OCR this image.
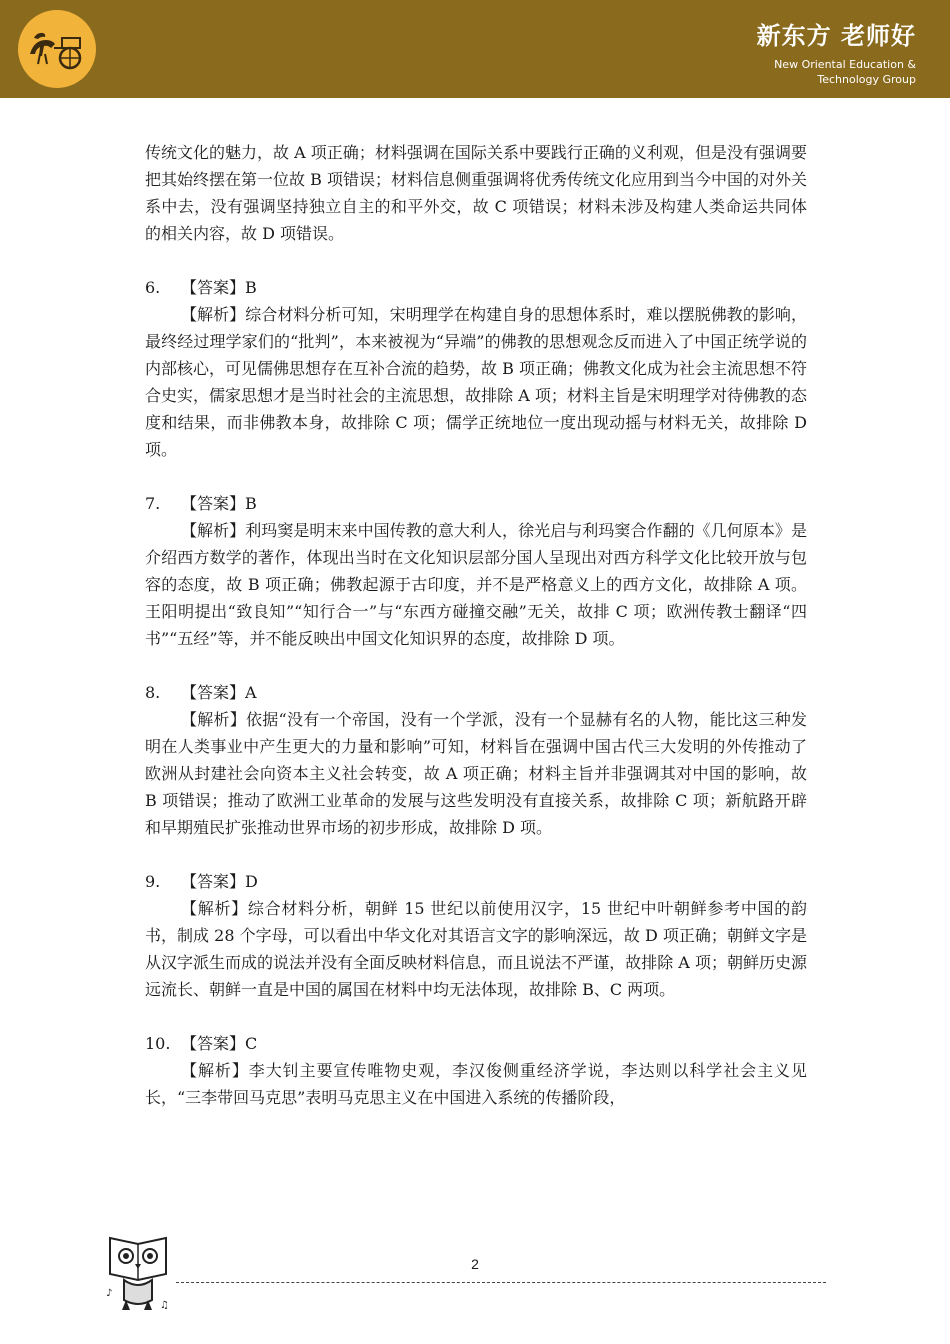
新东方 老师好
New Oriental Education &
Technology Group

传统文化的魅力，故 A 项正确；材料强调在国际关系中要践行正确的义利观，但是没有强调要把其始终摆在第一位故 B 项错误；材料信息侧重强调将优秀传统文化应用到当今中国的对外关系中去，没有强调坚持独立自主的和平外交，故 C 项错误；材料未涉及构建人类命运共同体的相关内容，故 D 项错误。

6. 【答案】B

【解析】综合材料分析可知，宋明理学在构建自身的思想体系时，难以摆脱佛教的影响，最终经过理学家们的“批判”，本来被视为“异端”的佛教的思想观念反而进入了中国正统学说的内部核心，可见儒佛思想存在互补合流的趋势，故 B 项正确；佛教文化成为社会主流思想不符合史实，儒家思想才是当时社会的主流思想，故排除 A 项；材料主旨是宋明理学对待佛教的态度和结果，而非佛教本身，故排除 C 项；儒学正统地位一度出现动摇与材料无关，故排除 D 项。

7. 【答案】B

【解析】利玛窦是明末来中国传教的意大利人，徐光启与利玛窦合作翻的《几何原本》是介绍西方数学的著作，体现出当时在文化知识层部分国人呈现出对西方科学文化比较开放与包容的态度，故 B 项正确；佛教起源于古印度，并不是严格意义上的西方文化，故排除 A 项。王阳明提出“致良知”“知行合一”与“东西方碰撞交融”无关，故排 C 项；欧洲传教士翻译“四书”“五经”等，并不能反映出中国文化知识界的态度，故排除 D 项。

8. 【答案】A

【解析】依据“没有一个帝国，没有一个学派，没有一个显赫有名的人物，能比这三种发明在人类事业中产生更大的力量和影响”可知，材料旨在强调中国古代三大发明的外传推动了欧洲从封建社会向资本主义社会转变，故 A 项正确；材料主旨并非强调其对中国的影响，故 B 项错误；推动了欧洲工业革命的发展与这些发明没有直接关系，故排除 C 项；新航路开辟和早期殖民扩张推动世界市场的初步形成，故排除 D 项。

9. 【答案】D

【解析】综合材料分析，朝鲜 15 世纪以前使用汉字，15 世纪中叶朝鲜参考中国的韵书，制成 28 个字母，可以看出中华文化对其语言文字的影响深远，故 D 项正确；朝鲜文字是从汉字派生而成的说法并没有全面反映材料信息，而且说法不严谨，故排除 A 项；朝鲜历史源远流长、朝鲜一直是中国的属国在材料中均无法体现，故排除 B、C 两项。

10. 【答案】C

【解析】李大钊主要宣传唯物史观，李汉俊侧重经济学说，李达则以科学社会主义见长，“三李带回马克思”表明马克思主义在中国进入系统的传播阶段，

♪
♫
2
